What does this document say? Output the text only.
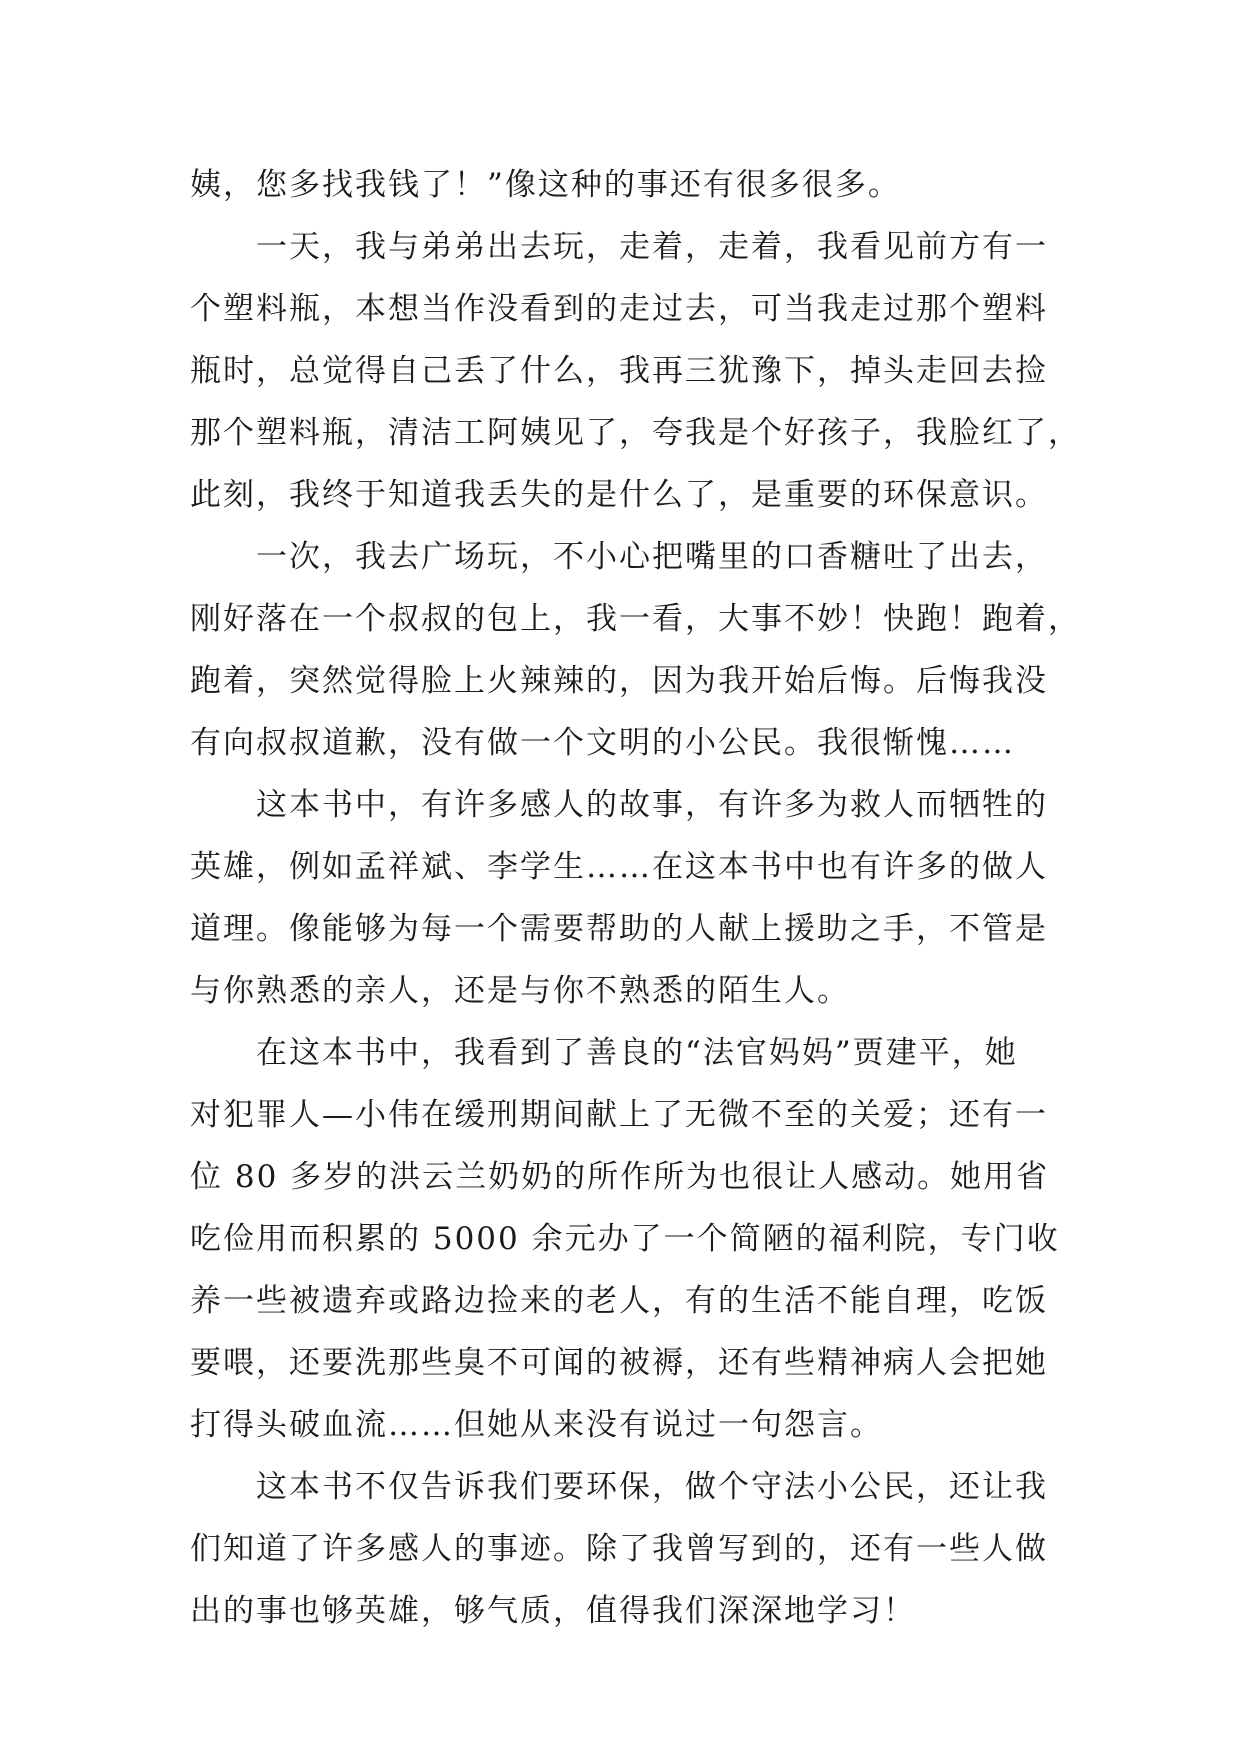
姨，您多找我钱了！”像这种的事还有很多很多。
　　一天，我与弟弟出去玩，走着，走着，我看见前方有一
个塑料瓶，本想当作没看到的走过去，可当我走过那个塑料
瓶时，总觉得自己丢了什么，我再三犹豫下，掉头走回去捡
那个塑料瓶，清洁工阿姨见了，夸我是个好孩子，我脸红了，
此刻，我终于知道我丢失的是什么了，是重要的环保意识。
　　一次，我去广场玩，不小心把嘴里的口香糖吐了出去，
刚好落在一个叔叔的包上，我一看，大事不妙！快跑！跑着，
跑着，突然觉得脸上火辣辣的，因为我开始后悔。后悔我没
有向叔叔道歉，没有做一个文明的小公民。我很惭愧……
　　这本书中，有许多感人的故事，有许多为救人而牺牲的
英雄，例如孟祥斌、李学生……在这本书中也有许多的做人
道理。像能够为每一个需要帮助的人献上援助之手，不管是
与你熟悉的亲人，还是与你不熟悉的陌生人。
　　在这本书中，我看到了善良的“法官妈妈”贾建平，她
对犯罪人—小伟在缓刑期间献上了无微不至的关爱；还有一
位 80 多岁的洪云兰奶奶的所作所为也很让人感动。她用省
吃俭用而积累的 5000 余元办了一个简陋的福利院，专门收
养一些被遗弃或路边捡来的老人，有的生活不能自理，吃饭
要喂，还要洗那些臭不可闻的被褥，还有些精神病人会把她
打得头破血流……但她从来没有说过一句怨言。
　　这本书不仅告诉我们要环保，做个守法小公民，还让我
们知道了许多感人的事迹。除了我曾写到的，还有一些人做
出的事也够英雄，够气质，值得我们深深地学习！
